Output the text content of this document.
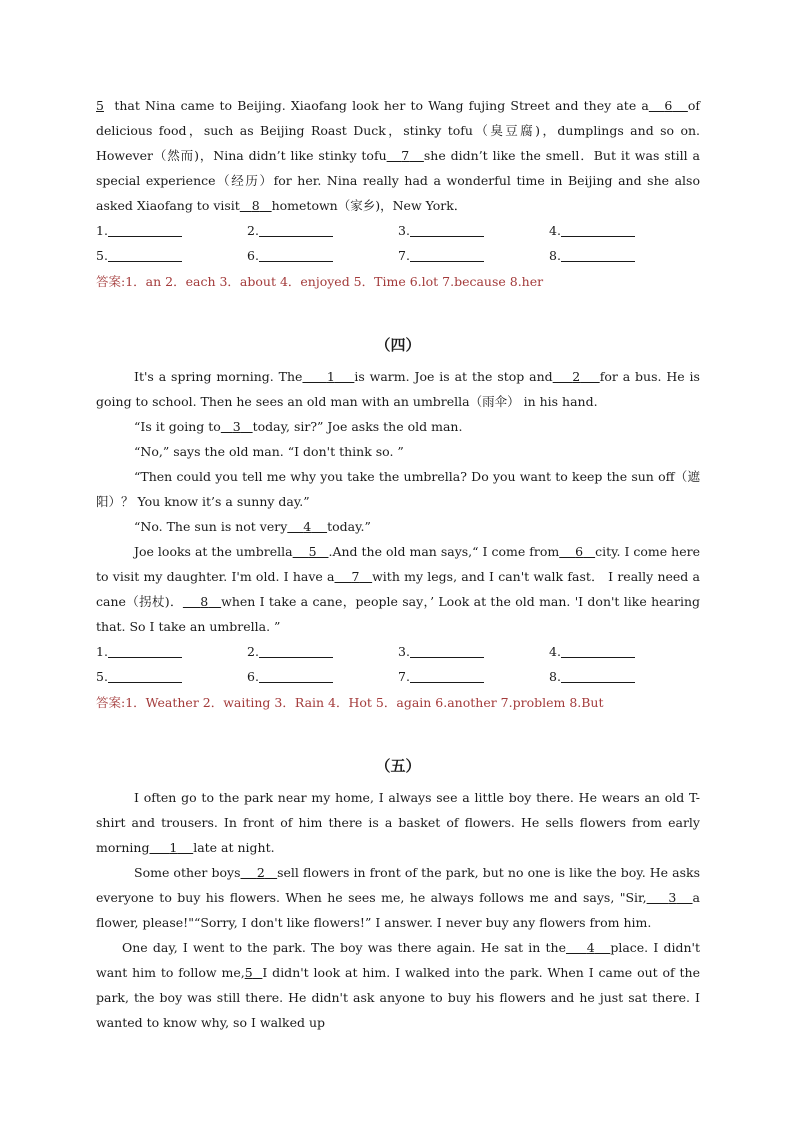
5​  that Nina came to Beijing. Xiaofang look her to Wang fujing Street and they ate a 6 of delicious food，such as Beijing Roast Duck，stinky tofu（臭豆腐)，dumplings and so on. However（然而)，Nina didn’t like stinky tofu 7 she didn’t like the smell．But it was still a special experience（经历）for her. Nina really had a wonderful time in Beijing and she also asked Xiaofang to visit 8 hometown（家乡)，New York．

1.	2.	3.	4.
5.	6.	7.	8.
答案:1．an 2．each 3．about 4．enjoyed 5．Time 6.lot 7.because 8.her
（四）

It's a spring morning. The 1 is warm. Joe is at the stop and 2 for a bus. He is going to school. Then he sees an old man with an umbrella（雨伞） in his hand.

“Is it going to 3 today, sir?” Joe asks the old man.

“No,” says the old man. “I don't think so. ”

“Then could you tell me why you take the umbrella? Do you want to keep the sun off（遮阳）？ You know it’s a sunny day.”

“No. The sun is not very 4 today.”

Joe looks at the umbrella 5 .And the old man says,“ I come from 6 city. I come here to visit my daughter. I'm old. I have a 7 with my legs, and I can't walk fast． I really need a cane（拐杖)． 8 when I take a cane，people say，’ Look at the old man. 'I don't like hearing that. So I take an umbrella. ”

1.	2.	3.	4.
5.	6.	7.	8.
答案:1．Weather 2．waiting 3．Rain 4．Hot 5．again 6.another 7.problem 8.But
（五）

I often go to the park near my home, I always see a little boy there. He wears an old T-shirt and trousers. In front of him there is a basket of flowers. He sells flowers from early morning 1 late at night.

Some other boys 2 sell flowers in front of the park, but no one is like the boy. He asks everyone to buy his flowers. When he sees me, he always follows me and says, "Sir, 3 a flower, please!"“Sorry, I don't like flowers!” I answer. I never buy any flowers from him.

One day, I went to the park. The boy was there again. He sat in the 4 place. I didn't want him to follow me,5 I didn't look at him. I walked into the park. When I came out of the park, the boy was still there. He didn't ask anyone to buy his flowers and he just sat there. I wanted to know why, so I walked up
